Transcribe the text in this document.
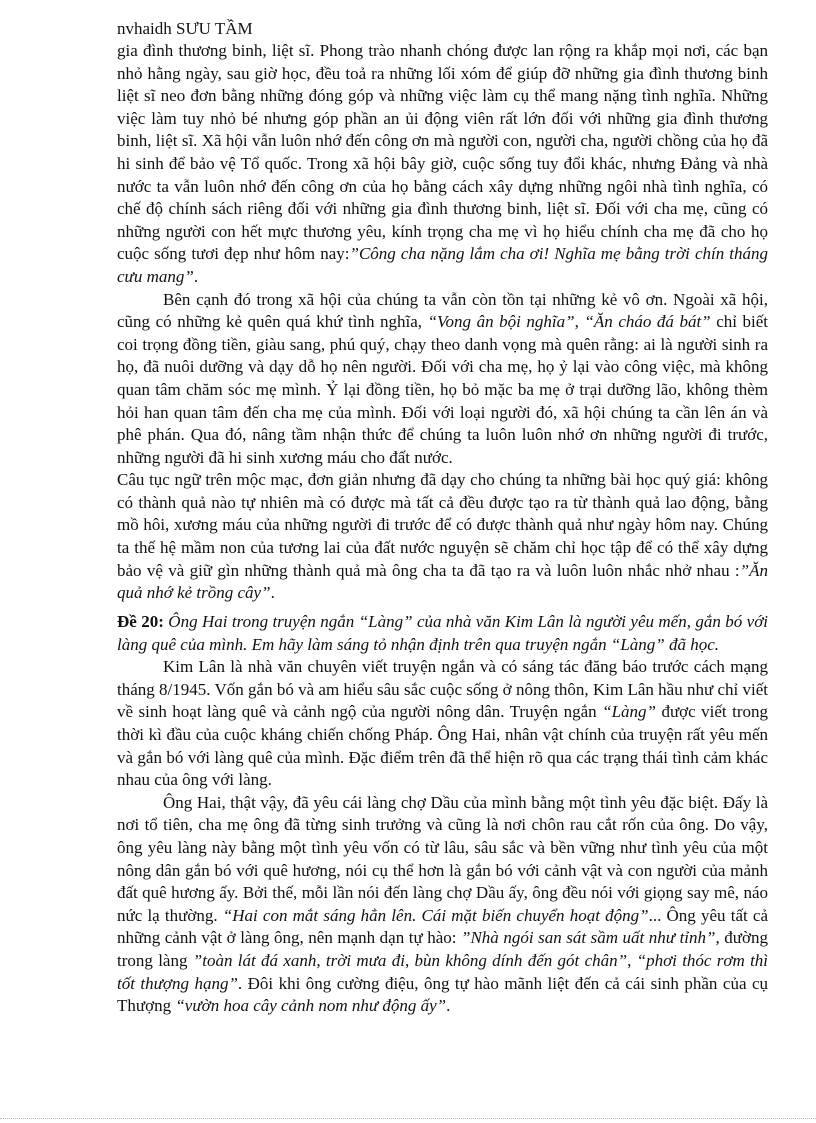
nvhaidh SƯU TẦM

gia đình thương binh, liệt sĩ. Phong trào nhanh chóng được lan rộng ra khắp mọi nơi, các bạn nhỏ hằng ngày, sau giờ học, đều toả ra những lối xóm để giúp đỡ những gia đình thương binh liệt sĩ neo đơn bằng những đóng góp và những việc làm cụ thể mang nặng tình nghĩa. Những việc làm tuy nhỏ bé nhưng góp phần an ủi động viên rất lớn đối với những gia đình thương binh, liệt sĩ. Xã hội vẫn luôn nhớ đến công ơn mà người con, người cha, người chồng của họ đã hi sinh để bảo vệ Tổ quốc. Trong xã hội bây giờ, cuộc sống tuy đổi khác, nhưng Đảng và nhà nước ta vẫn luôn nhớ đến công ơn của họ bằng cách xây dựng những ngôi nhà tình nghĩa, có chế độ chính sách riêng đối với những gia đình thương binh, liệt sĩ. Đối với cha mẹ, cũng có những người con hết mực thương yêu, kính trọng cha mẹ vì họ hiểu chính cha mẹ đã cho họ cuộc sống tươi đẹp như hôm nay:”Công cha nặng lắm cha ơi! Nghĩa mẹ bằng trời chín tháng cưu mang”.

Bên cạnh đó trong xã hội của chúng ta vẫn còn tồn tại những kẻ vô ơn. Ngoài xã hội, cũng có những kẻ quên quá khứ tình nghĩa, “Vong ân bội nghĩa”, “Ăn cháo đá bát” chỉ biết coi trọng đồng tiền, giàu sang, phú quý, chạy theo danh vọng mà quên rằng: ai là người sinh ra họ, đã nuôi dưỡng và dạy dỗ họ nên người. Đối với cha mẹ, họ ỷ lại vào công việc, mà không quan tâm chăm sóc mẹ mình. Ỷ lại đồng tiền, họ bỏ mặc ba mẹ ở trại dưỡng lão, không thèm hỏi han quan tâm đến cha mẹ của mình. Đối với loại người đó, xã hội chúng ta cần lên án và phê phán. Qua đó, nâng tầm nhận thức để chúng ta luôn luôn nhớ ơn những người đi trước, những người đã hi sinh xương máu cho đất nước.

Câu tục ngữ trên mộc mạc, đơn giản nhưng đã dạy cho chúng ta những bài học quý giá: không có thành quả nào tự nhiên mà có được mà tất cả đều được tạo ra từ thành quả lao động, bằng mồ hôi, xương máu của những người đi trước để có được thành quả như ngày hôm nay. Chúng ta thế hệ mầm non của tương lai của đất nước nguyện sẽ chăm chỉ học tập để có thể xây dựng bảo vệ và giữ gìn những thành quả mà ông cha ta đã tạo ra và luôn luôn nhắc nhở nhau :”Ăn quả nhớ kẻ trồng cây”.

Đề 20: Ông Hai trong truyện ngắn “Làng” của nhà văn Kim Lân là người yêu mến, gắn bó với làng quê của mình. Em hãy làm sáng tỏ nhận định trên qua truyện ngắn “Làng” đã học.

Kim Lân là nhà văn chuyên viết truyện ngắn và có sáng tác đăng báo trước cách mạng tháng 8/1945. Vốn gắn bó và am hiểu sâu sắc cuộc sống ở nông thôn, Kim Lân hầu như chỉ viết về sinh hoạt làng quê và cảnh ngộ của người nông dân. Truyện ngắn “Làng” được viết trong thời kì đầu của cuộc kháng chiến chống Pháp. Ông Hai, nhân vật chính của truyện rất yêu mến và gắn bó với làng quê của mình. Đặc điểm trên đã thể hiện rõ qua các trạng thái tình cảm khác nhau của ông với làng.

Ông Hai, thật vậy, đã yêu cái làng chợ Dầu của mình bằng một tình yêu đặc biệt. Đấy là nơi tổ tiên, cha mẹ ông đã từng sinh trưởng và cũng là nơi chôn rau cắt rốn của ông. Do vậy, ông yêu làng này bằng một tình yêu vốn có từ lâu, sâu sắc và bền vững như tình yêu của một nông dân gắn bó với quê hương, nói cụ thể hơn là gắn bó với cảnh vật và con người của mảnh đất quê hương ấy. Bởi thế, mỗi lần nói đến làng chợ Dầu ấy, ông đều nói với giọng say mê, náo nức lạ thường. “Hai con mắt sáng hẳn lên. Cái mặt biến chuyển hoạt động”... Ông yêu tất cả những cảnh vật ở làng ông, nên mạnh dạn tự hào: ”Nhà ngói san sát sầm uất như tỉnh”, đường trong làng ”toàn lát đá xanh, trời mưa đi, bùn không dính đến gót chân”, “phơi thóc rơm thì tốt thượng hạng”. Đôi khi ông cường điệu, ông tự hào mãnh liệt đến cả cái sinh phần của cụ Thượng “vườn hoa cây cảnh nom như động ấy”.
